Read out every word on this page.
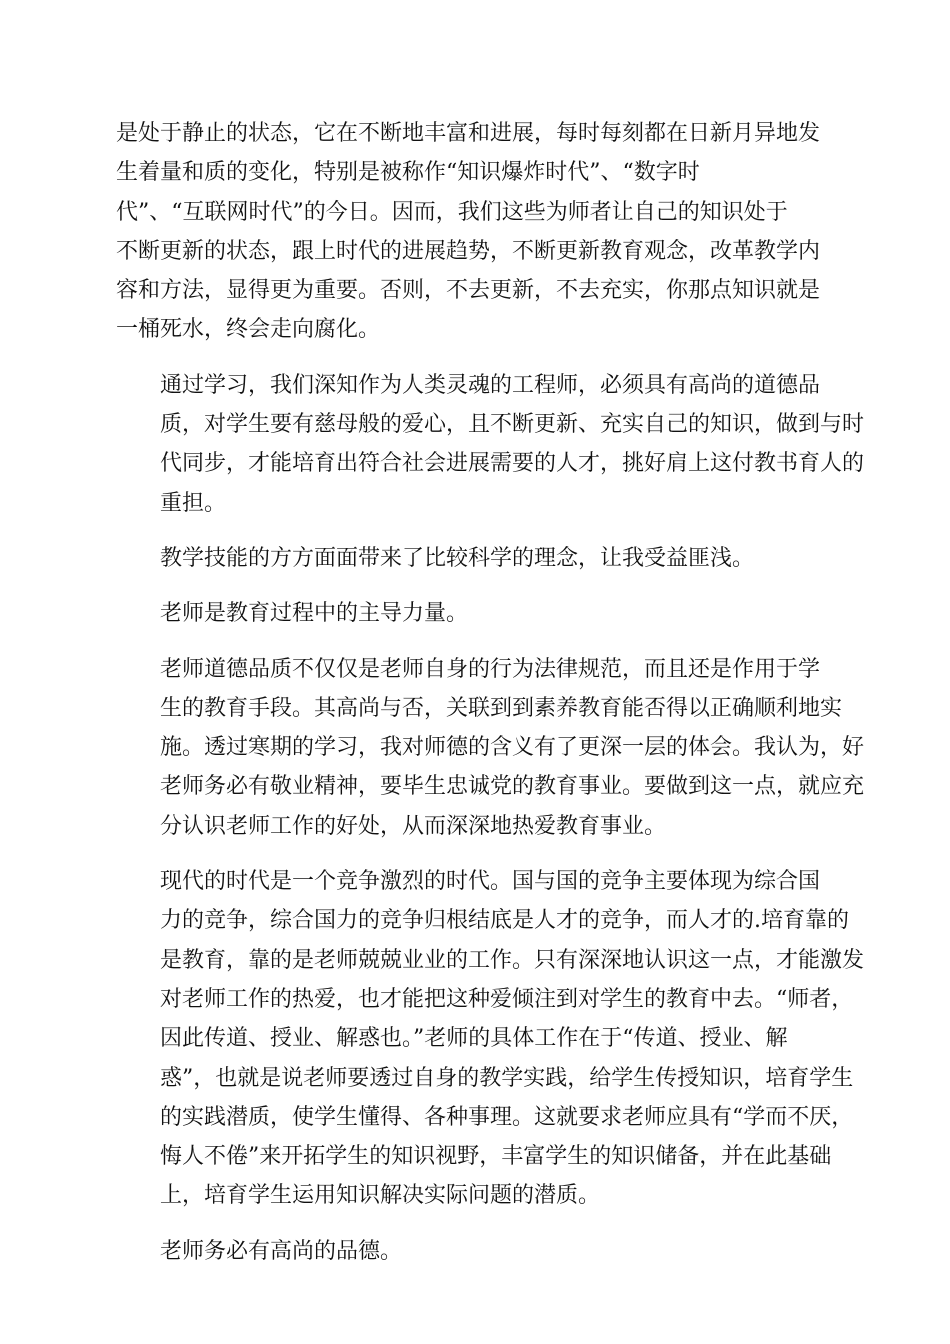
是处于静止的状态，它在不断地丰富和进展，每时每刻都在日新月异地发
生着量和质的变化，特别是被称作“知识爆炸时代”、“数字时
代”、“互联网时代”的今日。因而，我们这些为师者让自己的知识处于
不断更新的状态，跟上时代的进展趋势，不断更新教育观念，改革教学内
容和方法，显得更为重要。否则，不去更新，不去充实，你那点知识就是
一桶死水，终会走向腐化。
通过学习，我们深知作为人类灵魂的工程师，必须具有高尚的道德品
质，对学生要有慈母般的爱心，且不断更新、充实自己的知识，做到与时
代同步，才能培育出符合社会进展需要的人才，挑好肩上这付教书育人的
重担。
教学技能的方方面面带来了比较科学的理念，让我受益匪浅。
老师是教育过程中的主导力量。
老师道德品质不仅仅是老师自身的行为法律规范，而且还是作用于学
生的教育手段。其高尚与否，关联到到素养教育能否得以正确顺利地实
施。透过寒期的学习，我对师德的含义有了更深一层的体会。我认为，好
老师务必有敬业精神，要毕生忠诚党的教育事业。要做到这一点，就应充
分认识老师工作的好处，从而深深地热爱教育事业。
现代的时代是一个竞争激烈的时代。国与国的竞争主要体现为综合国
力的竞争，综合国力的竞争归根结底是人才的竞争，而人才的.培育靠的
是教育，靠的是老师兢兢业业的工作。只有深深地认识这一点，才能激发
对老师工作的热爱，也才能把这种爱倾注到对学生的教育中去。“师者，
因此传道、授业、解惑也。”老师的具体工作在于“传道、授业、解
惑”，也就是说老师要透过自身的教学实践，给学生传授知识，培育学生
的实践潜质，使学生懂得、各种事理。这就要求老师应具有“学而不厌，
悔人不倦”来开拓学生的知识视野，丰富学生的知识储备，并在此基础
上，培育学生运用知识解决实际问题的潜质。
老师务必有高尚的品德。
